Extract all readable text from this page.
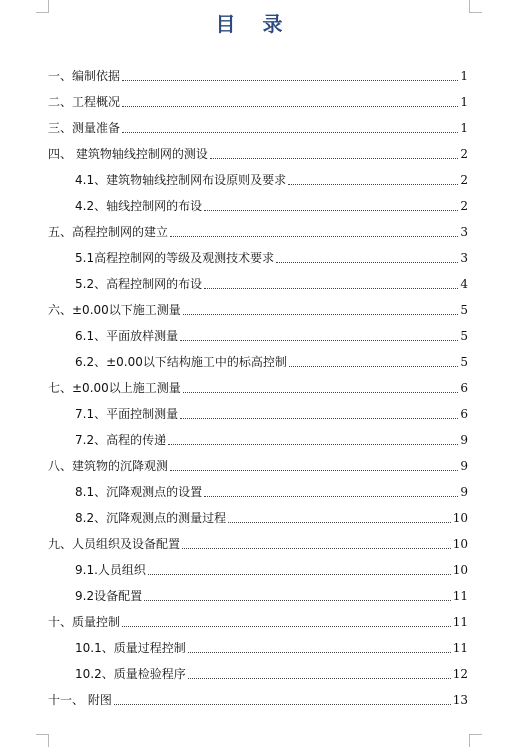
目 录
一、编制依据	1
二、工程概况	1
三、测量准备	1
四、 建筑物轴线控制网的测设	2
4.1、建筑物轴线控制网布设原则及要求	2
4.2、轴线控制网的布设	2
五、高程控制网的建立	3
5.1高程控制网的等级及观测技术要求	3
5.2、高程控制网的布设	4
六、±0.00以下施工测量	5
6.1、平面放样测量	5
6.2、±0.00以下结构施工中的标高控制	5
七、±0.00以上施工测量	6
7.1、平面控制测量	6
7.2、高程的传递	9
八、建筑物的沉降观测	9
8.1、沉降观测点的设置	9
8.2、沉降观测点的测量过程	10
九、人员组织及设备配置	10
9.1.人员组织	10
9.2设备配置	11
十、质量控制	11
10.1、质量过程控制	11
10.2、质量检验程序	12
十一、 附图	13
